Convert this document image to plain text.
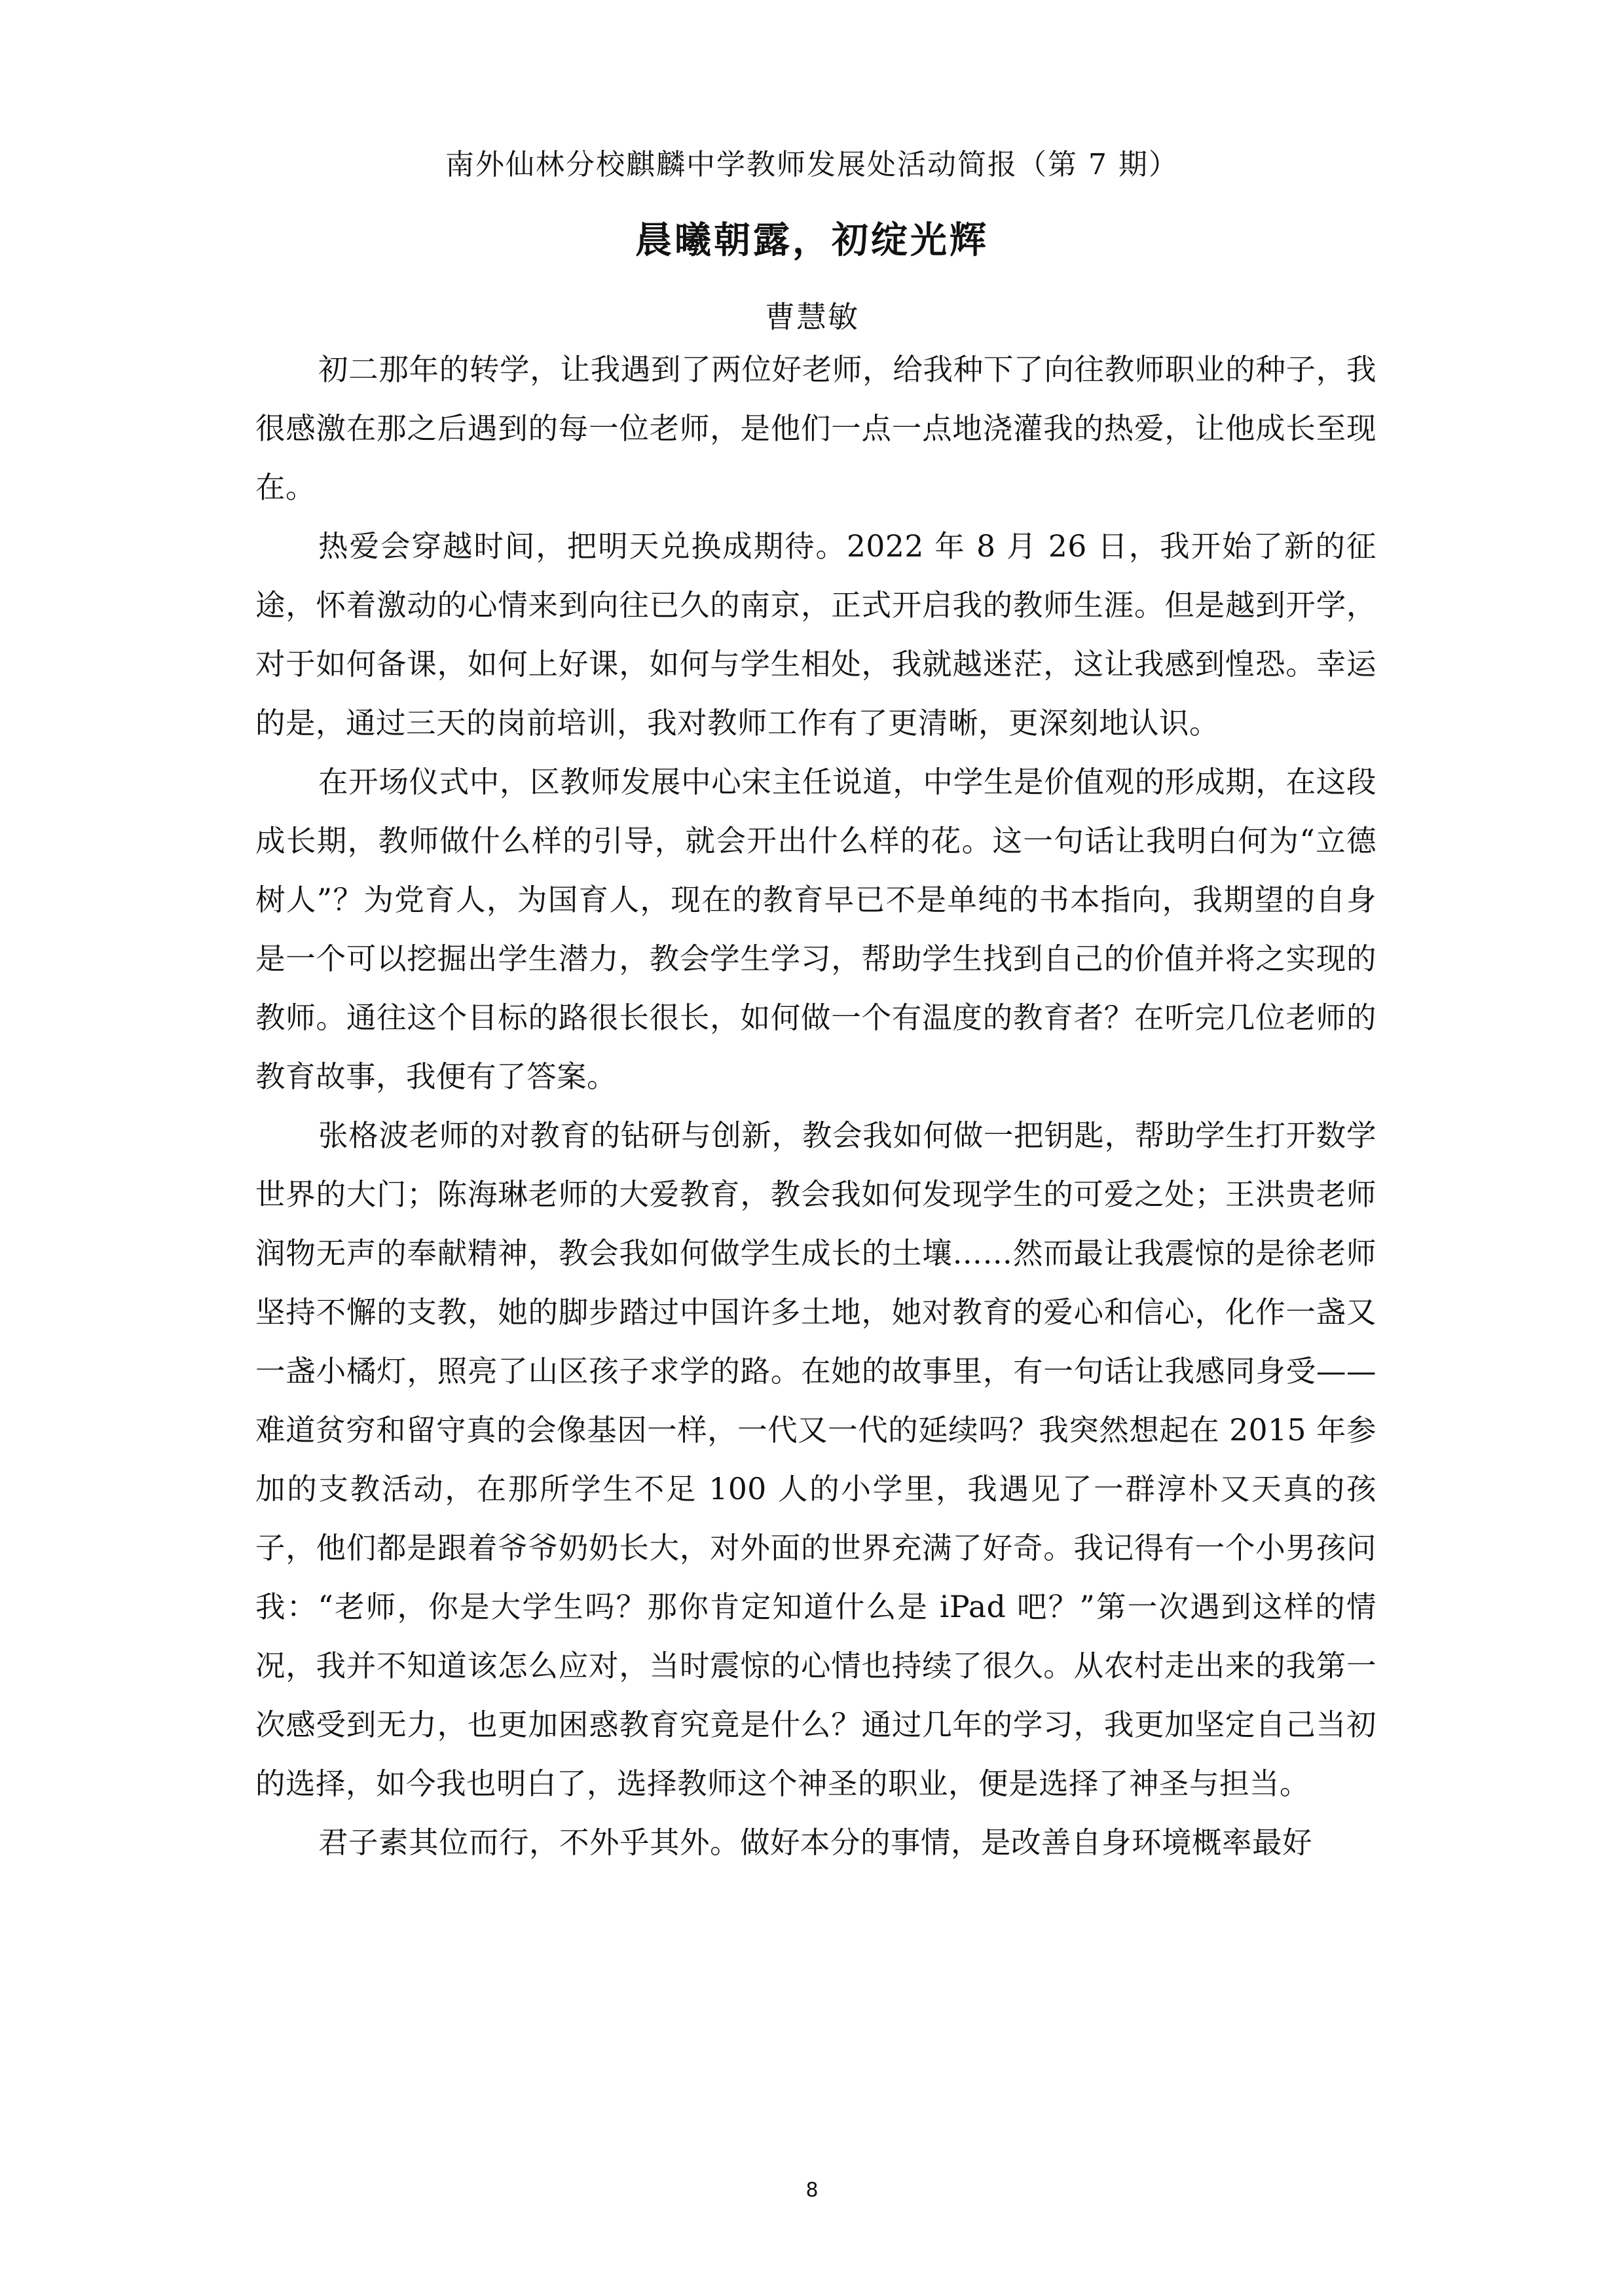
南外仙林分校麒麟中学教师发展处活动简报（第 7 期）
晨曦朝露，初绽光辉
曹慧敏

初二那年的转学，让我遇到了两位好老师，给我种下了向往教师职业的种子，我很感激在那之后遇到的每一位老师，是他们一点一点地浇灌我的热爱，让他成长至现在。

热爱会穿越时间，把明天兑换成期待。2022 年 8 月 26 日，我开始了新的征途，怀着激动的心情来到向往已久的南京，正式开启我的教师生涯。但是越到开学，对于如何备课，如何上好课，如何与学生相处，我就越迷茫，这让我感到惶恐。幸运的是，通过三天的岗前培训，我对教师工作有了更清晰，更深刻地认识。

在开场仪式中，区教师发展中心宋主任说道，中学生是价值观的形成期，在这段成长期，教师做什么样的引导，就会开出什么样的花。这一句话让我明白何为“立德树人”？为党育人，为国育人，现在的教育早已不是单纯的书本指向，我期望的自身是一个可以挖掘出学生潜力，教会学生学习，帮助学生找到自己的价值并将之实现的教师。通往这个目标的路很长很长，如何做一个有温度的教育者？在听完几位老师的教育故事，我便有了答案。

张格波老师的对教育的钻研与创新，教会我如何做一把钥匙，帮助学生打开数学世界的大门；陈海琳老师的大爱教育，教会我如何发现学生的可爱之处；王洪贵老师润物无声的奉献精神，教会我如何做学生成长的土壤……然而最让我震惊的是徐老师坚持不懈的支教，她的脚步踏过中国许多土地，她对教育的爱心和信心，化作一盏又一盏小橘灯，照亮了山区孩子求学的路。在她的故事里，有一句话让我感同身受——难道贫穷和留守真的会像基因一样，一代又一代的延续吗？我突然想起在 2015 年参加的支教活动，在那所学生不足 100 人的小学里，我遇见了一群淳朴又天真的孩子，他们都是跟着爷爷奶奶长大，对外面的世界充满了好奇。我记得有一个小男孩问我：“老师，你是大学生吗？那你肯定知道什么是 iPad 吧？”第一次遇到这样的情况，我并不知道该怎么应对，当时震惊的心情也持续了很久。从农村走出来的我第一次感受到无力，也更加困惑教育究竟是什么？通过几年的学习，我更加坚定自己当初的选择，如今我也明白了，选择教师这个神圣的职业，便是选择了神圣与担当。

君子素其位而行，不外乎其外。做好本分的事情，是改善自身环境概率最好

8
